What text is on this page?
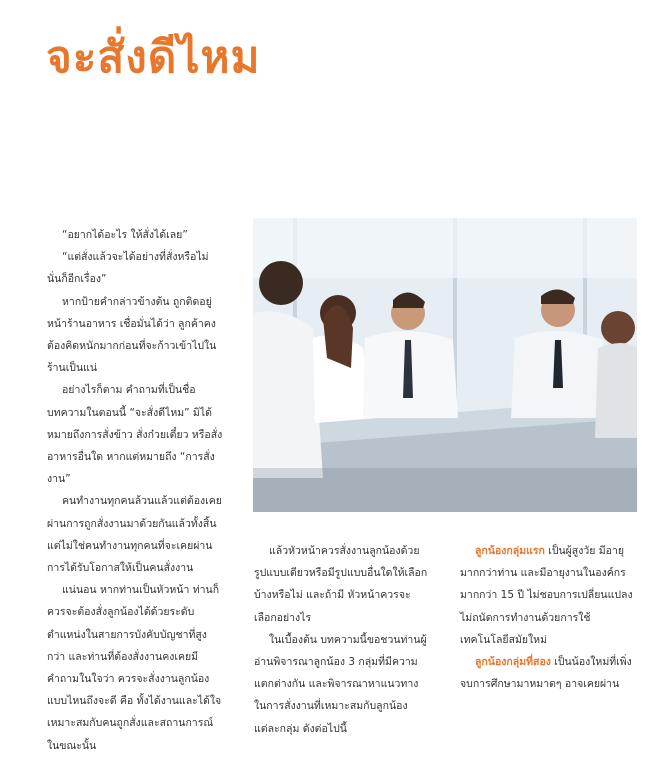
จะสั่งดีไหม

“อยากได้อะไร ให้สั่งได้เลย”

“แต่สั่งแล้วจะได้อย่างที่สั่งหรือไม่ นั่นก็อีกเรื่อง”

หากป้ายคำกล่าวข้างต้น ถูกติดอยู่หน้าร้านอาหาร เชื่อมั่นได้ว่า ลูกค้าคงต้องคิดหนักมากก่อนที่จะก้าวเข้าไปในร้านเป็นแน่

อย่างไรก็ตาม คำถามที่เป็นชื่อบทความในตอนนี้ “จะสั่งดีไหม” มิได้หมายถึงการสั่งข้าว สั่งก๋วยเตี๋ยว หรือสั่งอาหารอื่นใด หากแต่หมายถึง “การสั่งงาน”

คนทำงานทุกคนล้วนแล้วแต่ต้องเคยผ่านการถูกสั่งงานมาด้วยกันแล้วทั้งสิ้น แต่ไม่ใช่คนทำงานทุกคนที่จะเคยผ่านการได้รับโอกาสให้เป็นคนสั่งงาน

แน่นอน หากท่านเป็นหัวหน้า ท่านก็ควรจะต้องสั่งลูกน้องได้ด้วยระดับตำแหน่งในสายการบังคับบัญชาที่สูงกว่า และท่านที่ต้องสั่งงานคงเคยมีคำถามในใจว่า ควรจะสั่งงานลูกน้องแบบไหนถึงจะดี คือ ทั้งได้งานและได้ใจ เหมาะสมกับคนถูกสั่งและสถานการณ์ในขณะนั้น

แล้วหัวหน้าควรสั่งงานลูกน้องด้วยรูปแบบเดียวหรือมีรูปแบบอื่นใดให้เลือกบ้างหรือไม่ และถ้ามี หัวหน้าควรจะเลือกอย่างไร

ในเบื้องต้น บทความนี้ขอชวนท่านผู้อ่านพิจารณาลูกน้อง 3 กลุ่มที่มีความแตกต่างกัน และพิจารณาหาแนวทางในการสั่งงานที่เหมาะสมกับลูกน้องแต่ละกลุ่ม ดังต่อไปนี้

ลูกน้องกลุ่มแรก เป็นผู้สูงวัย มีอายุมากกว่าท่าน และมีอายุงานในองค์กรมากกว่า 15 ปี ไม่ชอบการเปลี่ยนแปลง ไม่ถนัดการทำงานด้วยการใช้เทคโนโลยีสมัยใหม่

ลูกน้องกลุ่มที่สอง เป็นน้องใหม่ที่เพิ่งจบการศึกษามาหมาดๆ อาจเคยผ่าน
